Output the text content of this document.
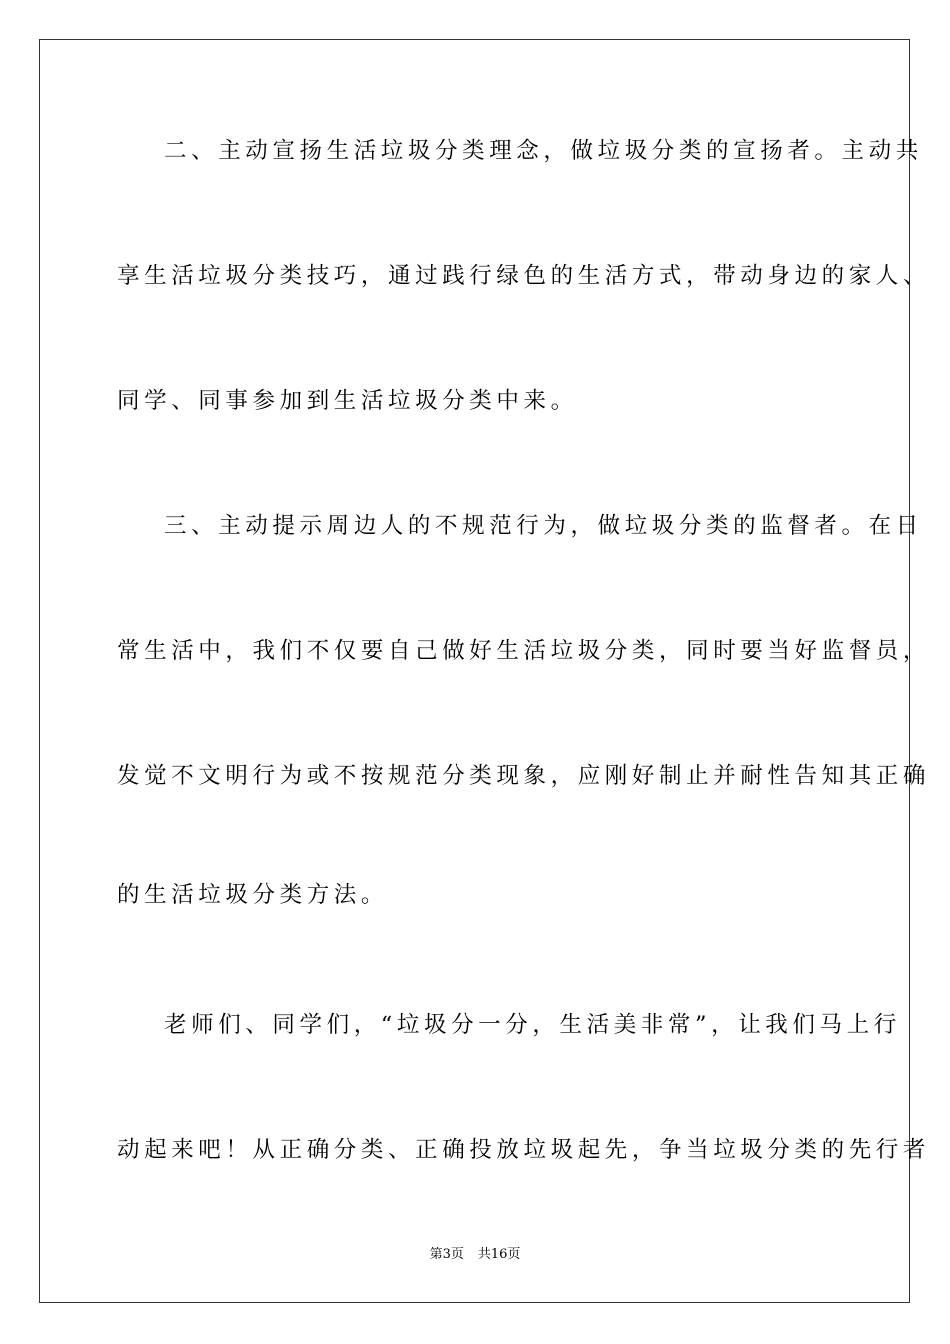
二、主动宣扬生活垃圾分类理念，做垃圾分类的宣扬者。主动共
享生活垃圾分类技巧，通过践行绿色的生活方式，带动身边的家人、
同学、同事参加到生活垃圾分类中来。
三、主动提示周边人的不规范行为，做垃圾分类的监督者。在日
常生活中，我们不仅要自己做好生活垃圾分类，同时要当好监督员，
发觉不文明行为或不按规范分类现象，应刚好制止并耐性告知其正确
的生活垃圾分类方法。
老师们、同学们，“垃圾分一分，生活美非常”，让我们马上行
动起来吧！从正确分类、正确投放垃圾起先，争当垃圾分类的先行者
第3页 共16页
